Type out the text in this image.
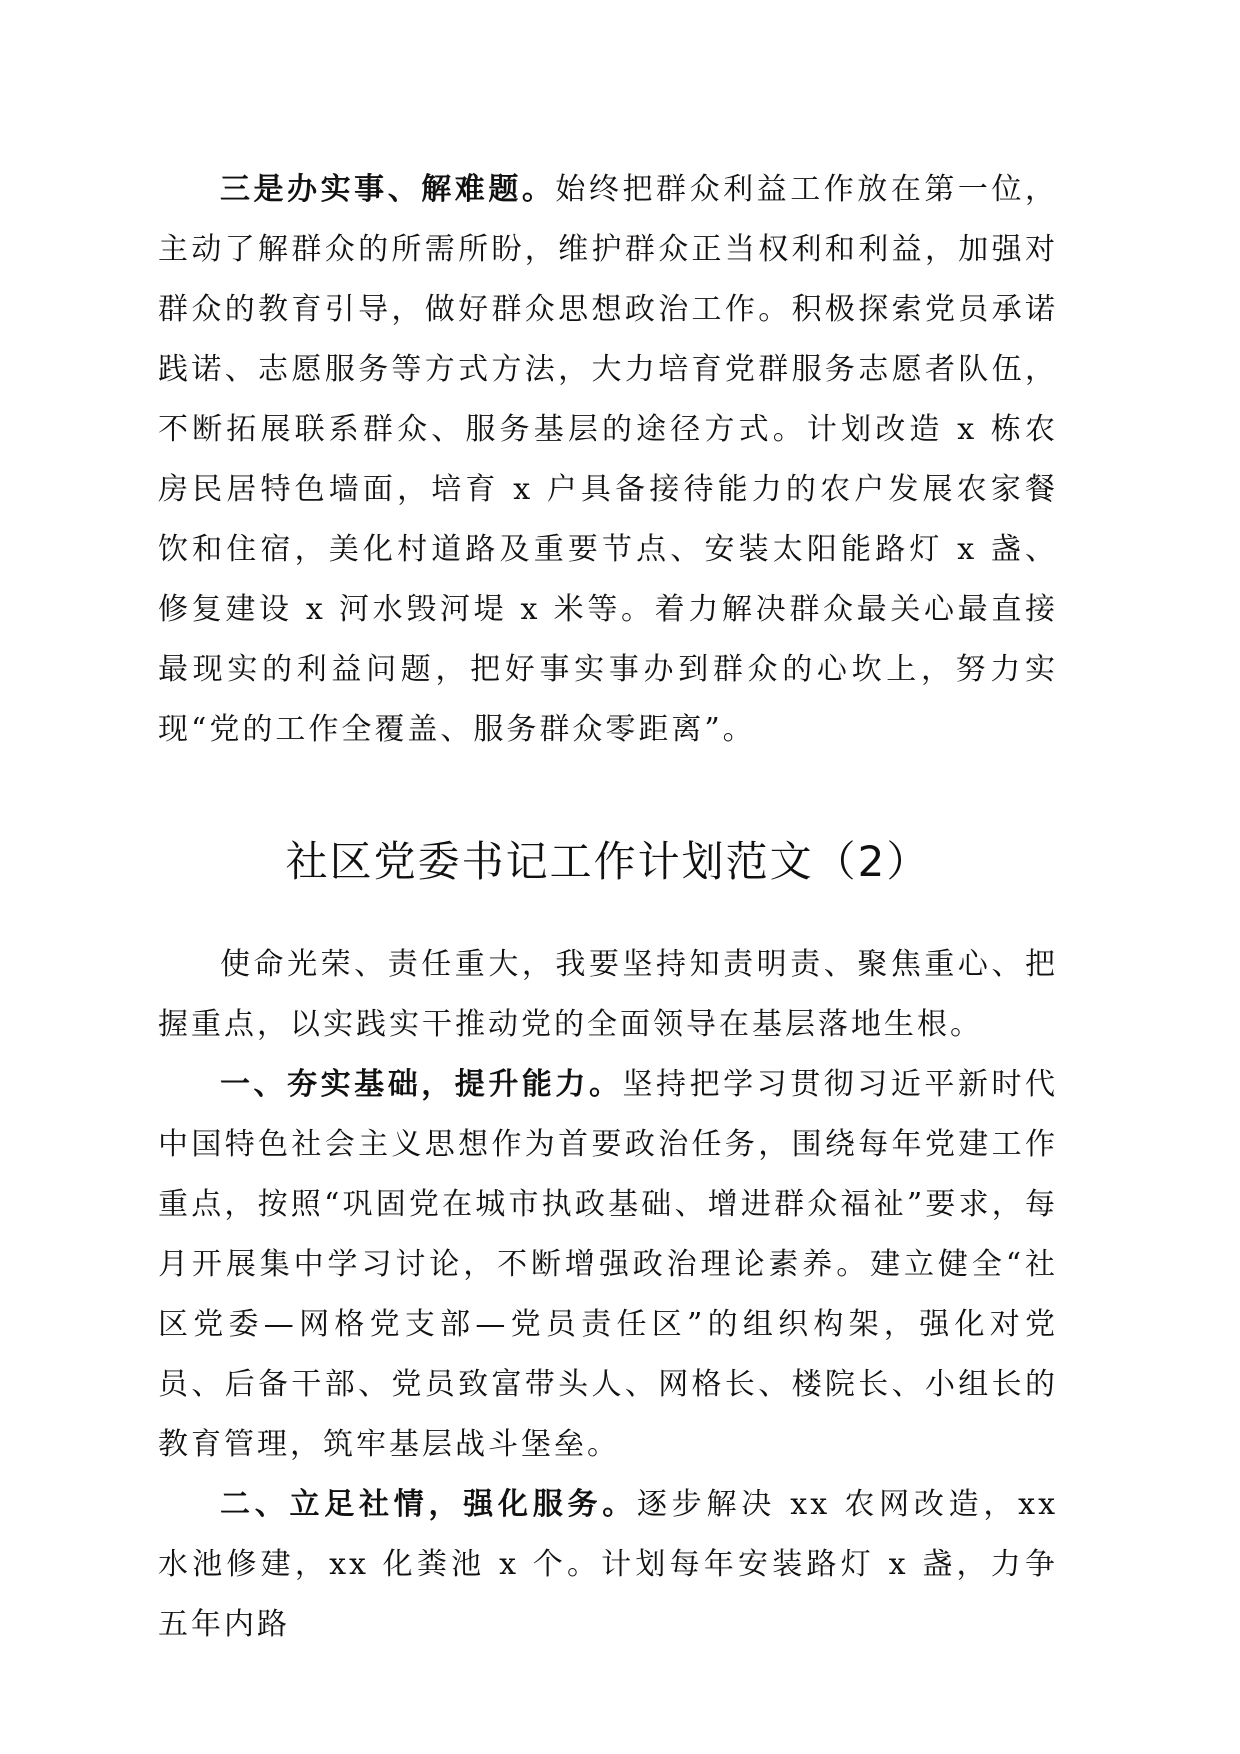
三是办实事、解难题。始终把群众利益工作放在第一位，主动了解群众的所需所盼，维护群众正当权利和利益，加强对群众的教育引导，做好群众思想政治工作。积极探索党员承诺践诺、志愿服务等方式方法，大力培育党群服务志愿者队伍，不断拓展联系群众、服务基层的途径方式。计划改造 x 栋农房民居特色墙面，培育 x 户具备接待能力的农户发展农家餐饮和住宿，美化村道路及重要节点、安装太阳能路灯 x 盏、修复建设 x 河水毁河堤 x 米等。着力解决群众最关心最直接最现实的利益问题，把好事实事办到群众的心坎上，努力实现“党的工作全覆盖、服务群众零距离”。

社区党委书记工作计划范文（2）

使命光荣、责任重大，我要坚持知责明责、聚焦重心、把握重点，以实践实干推动党的全面领导在基层落地生根。

一、夯实基础，提升能力。坚持把学习贯彻习近平新时代中国特色社会主义思想作为首要政治任务，围绕每年党建工作重点，按照“巩固党在城市执政基础、增进群众福祉”要求，每月开展集中学习讨论，不断增强政治理论素养。建立健全“社区党委—网格党支部—党员责任区”的组织构架，强化对党员、后备干部、党员致富带头人、网格长、楼院长、小组长的教育管理，筑牢基层战斗堡垒。

二、立足社情，强化服务。逐步解决 xx 农网改造，xx 水池修建，xx 化粪池 x 个。计划每年安装路灯 x 盏，力争五年内路
